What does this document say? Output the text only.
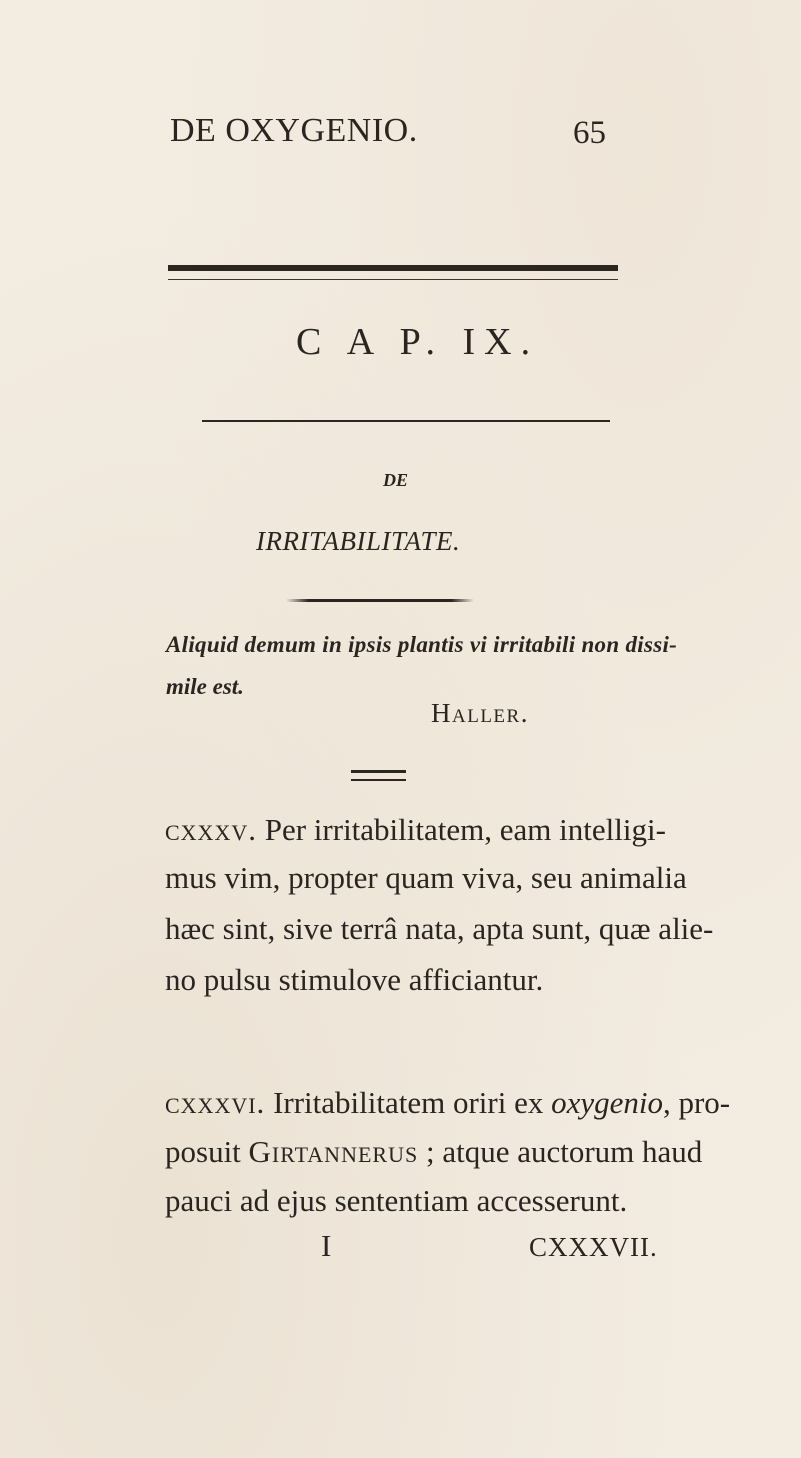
DE OXYGENIO.	65
C A P. IX.
DE
IRRITABILITATE.
Aliquid demum in ipsis plantis vi irritabili non dissi-
mile est.
Haller.
cxxxv. Per irritabilitatem, eam intelligi-
mus vim, propter quam viva, seu animalia
hæc sint, sive terrâ nata, apta sunt, quæ alie-
no pulsu stimulove afficiantur.
cxxxvi. Irritabilitatem oriri ex oxygenio, pro-
posuit Girtannerus ; atque auctorum haud
pauci ad ejus sententiam accesserunt.
I	CXXXVII.
